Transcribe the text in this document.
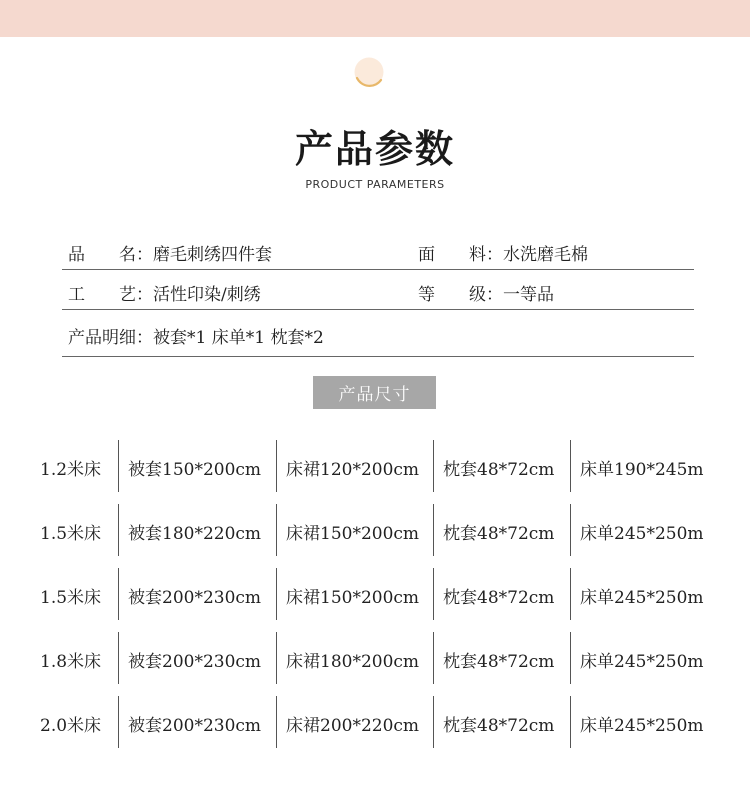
产品参数
PRODUCT PARAMETERS
品　　名：磨毛刺绣四件套	面　　料：水洗磨毛棉
工　　艺：活性印染/刺绣	等　　级：一等品
产品明细：被套*1 床单*1 枕套*2
产品尺寸
1.2米床 被套150*200cm 床裙120*200cm 枕套48*72cm 床单190*245m
1.5米床 被套180*220cm 床裙150*200cm 枕套48*72cm 床单245*250m
1.5米床 被套200*230cm 床裙150*200cm 枕套48*72cm 床单245*250m
1.8米床 被套200*230cm 床裙180*200cm 枕套48*72cm 床单245*250m
2.0米床 被套200*230cm 床裙200*220cm 枕套48*72cm 床单245*250m
